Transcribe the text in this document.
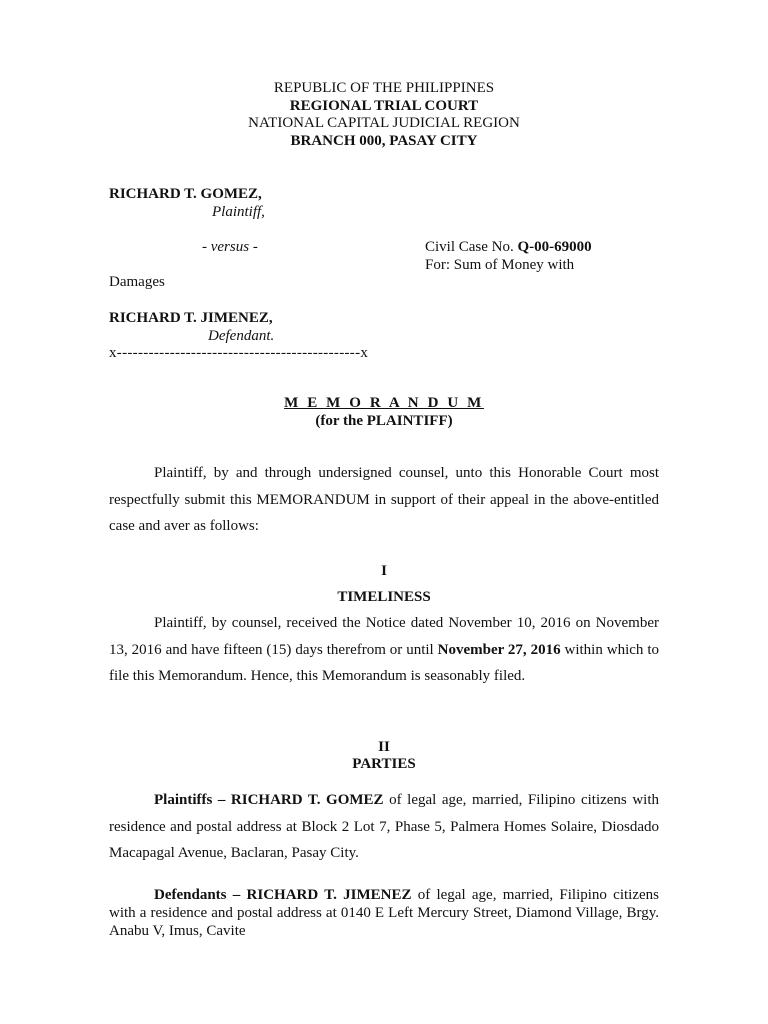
REPUBLIC OF THE PHILIPPINES
REGIONAL TRIAL COURT
NATIONAL CAPITAL JUDICIAL REGION
BRANCH 000, PASAY CITY
RICHARD T. GOMEZ,
Plaintiff,
- versus -	Civil Case No. Q-00-69000
For: Sum of Money with
Damages
RICHARD T. JIMENEZ,
Defendant.
x----------------------------------------------x
M E M O R A N D U M
(for the PLAINTIFF)
Plaintiff, by and through undersigned counsel, unto this Honorable Court most respectfully submit this MEMORANDUM in support of their appeal in the above-entitled case and aver as follows:
I
TIMELINESS
Plaintiff, by counsel, received the Notice dated November 10, 2016 on November 13, 2016 and have fifteen (15) days therefrom or until November 27, 2016 within which to file this Memorandum. Hence, this Memorandum is seasonably filed.
II
PARTIES
Plaintiffs – RICHARD T. GOMEZ of legal age, married, Filipino citizens with residence and postal address at Block 2 Lot 7, Phase 5, Palmera Homes Solaire, Diosdado Macapagal Avenue, Baclaran, Pasay City.
Defendants – RICHARD T. JIMENEZ of legal age, married, Filipino citizens with a residence and postal address at 0140 E Left Mercury Street, Diamond Village, Brgy. Anabu V, Imus, Cavite
